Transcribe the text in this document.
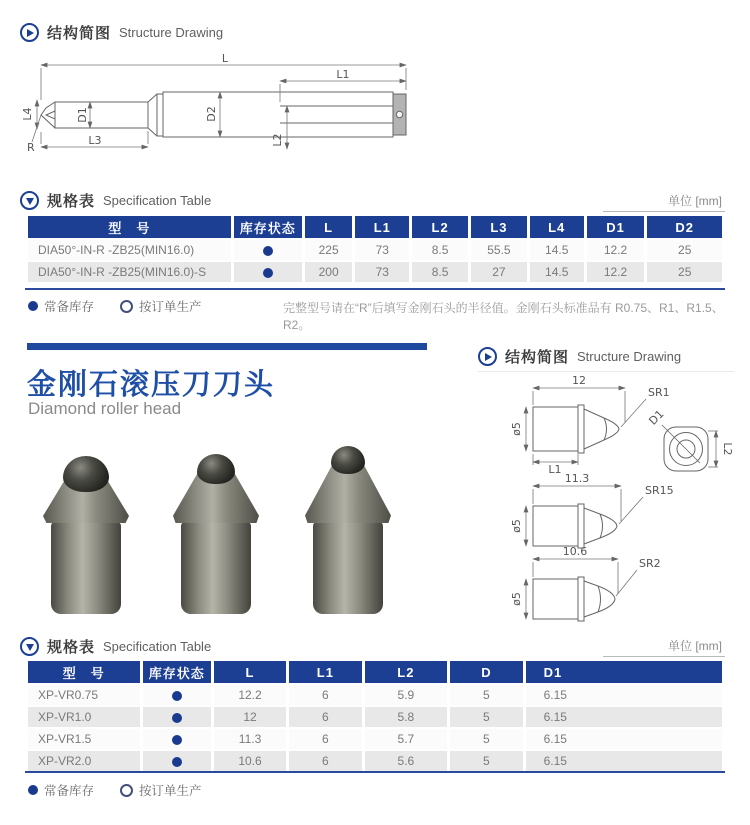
结构简图 Structure Drawing
L
L1
D1
L4
R
L3
D2
L2
规格表 Specification Table	单位 [mm]
型　号	库存状态	L	L1	L2	L3	L4	D1	D2
DIA50°-IN-R -ZB25(MIN16.0)		225	73	8.5	55.5	14.5	12.2	25
DIA50°-IN-R -ZB25(MIN16.0)-S		200	73	8.5	27	14.5	12.2	25
常备库存	按订单生产	完整型号请在“R”后填写金刚石头的半径值。金刚石头标准品有 R0.75、R1、R1.5、R2。
金刚石滚压刀刀头
Diamond roller head
结构简图 Structure Drawing
12
SR1
ø5
L1
D1
L2
11.3
SR15
ø5
10.6
SR2
ø5
规格表 Specification Table	单位 [mm]
型　号	库存状态	L	L1	L2	D	D1
XP-VR0.75		12.2	6	5.9	5	6.15
XP-VR1.0		12	6	5.8	5	6.15
XP-VR1.5		11.3	6	5.7	5	6.15
XP-VR2.0		10.6	6	5.6	5	6.15
常备库存	按订单生产
